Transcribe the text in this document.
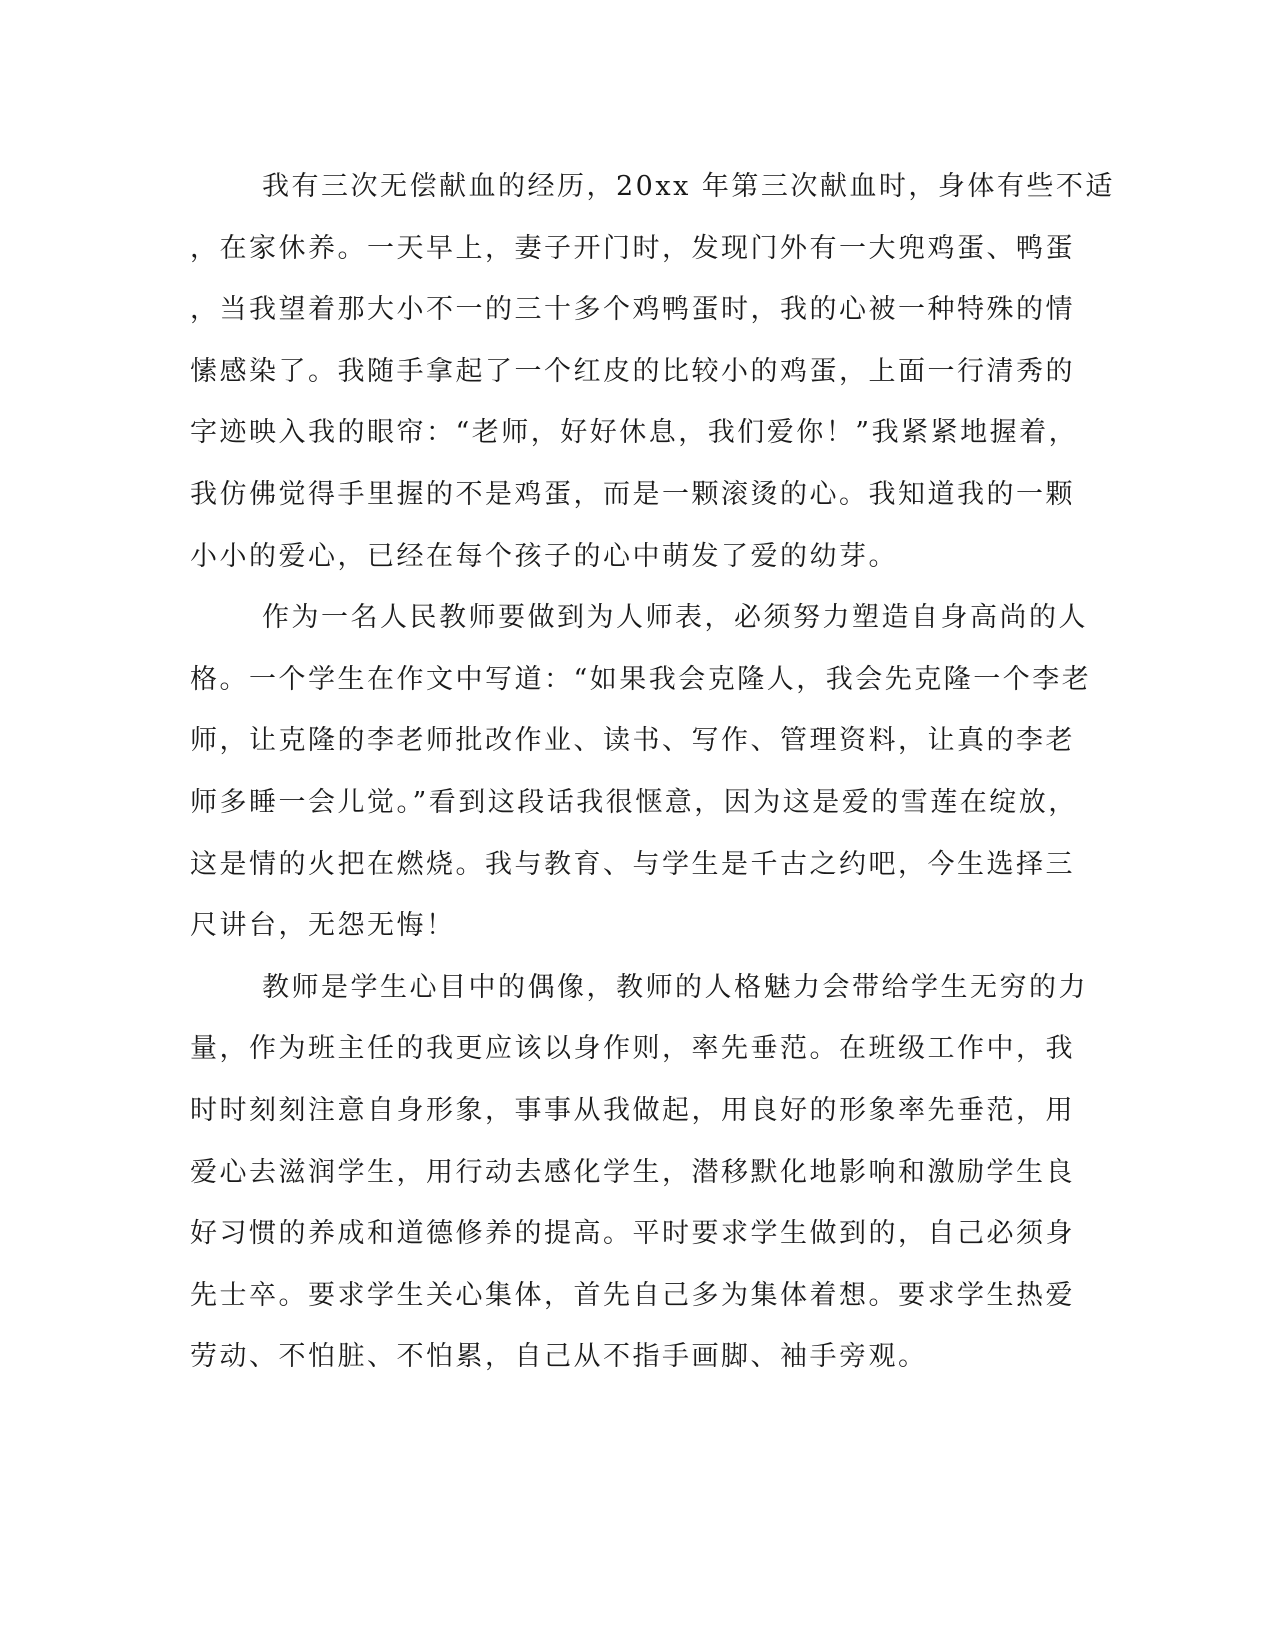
我有三次无偿献血的经历，20xx 年第三次献血时，身体有些不适
，在家休养。一天早上，妻子开门时，发现门外有一大兜鸡蛋、鸭蛋
，当我望着那大小不一的三十多个鸡鸭蛋时，我的心被一种特殊的情
愫感染了。我随手拿起了一个红皮的比较小的鸡蛋，上面一行清秀的
字迹映入我的眼帘：“老师，好好休息，我们爱你！”我紧紧地握着，
我仿佛觉得手里握的不是鸡蛋，而是一颗滚烫的心。我知道我的一颗
小小的爱心，已经在每个孩子的心中萌发了爱的幼芽。
作为一名人民教师要做到为人师表，必须努力塑造自身高尚的人
格。一个学生在作文中写道：“如果我会克隆人，我会先克隆一个李老
师，让克隆的李老师批改作业、读书、写作、管理资料，让真的李老
师多睡一会儿觉。”看到这段话我很惬意，因为这是爱的雪莲在绽放，
这是情的火把在燃烧。我与教育、与学生是千古之约吧，今生选择三
尺讲台，无怨无悔！
教师是学生心目中的偶像，教师的人格魅力会带给学生无穷的力
量，作为班主任的我更应该以身作则，率先垂范。在班级工作中，我
时时刻刻注意自身形象，事事从我做起，用良好的形象率先垂范，用
爱心去滋润学生，用行动去感化学生，潜移默化地影响和激励学生良
好习惯的养成和道德修养的提高。平时要求学生做到的，自己必须身
先士卒。要求学生关心集体，首先自己多为集体着想。要求学生热爱
劳动、不怕脏、不怕累，自己从不指手画脚、袖手旁观。
